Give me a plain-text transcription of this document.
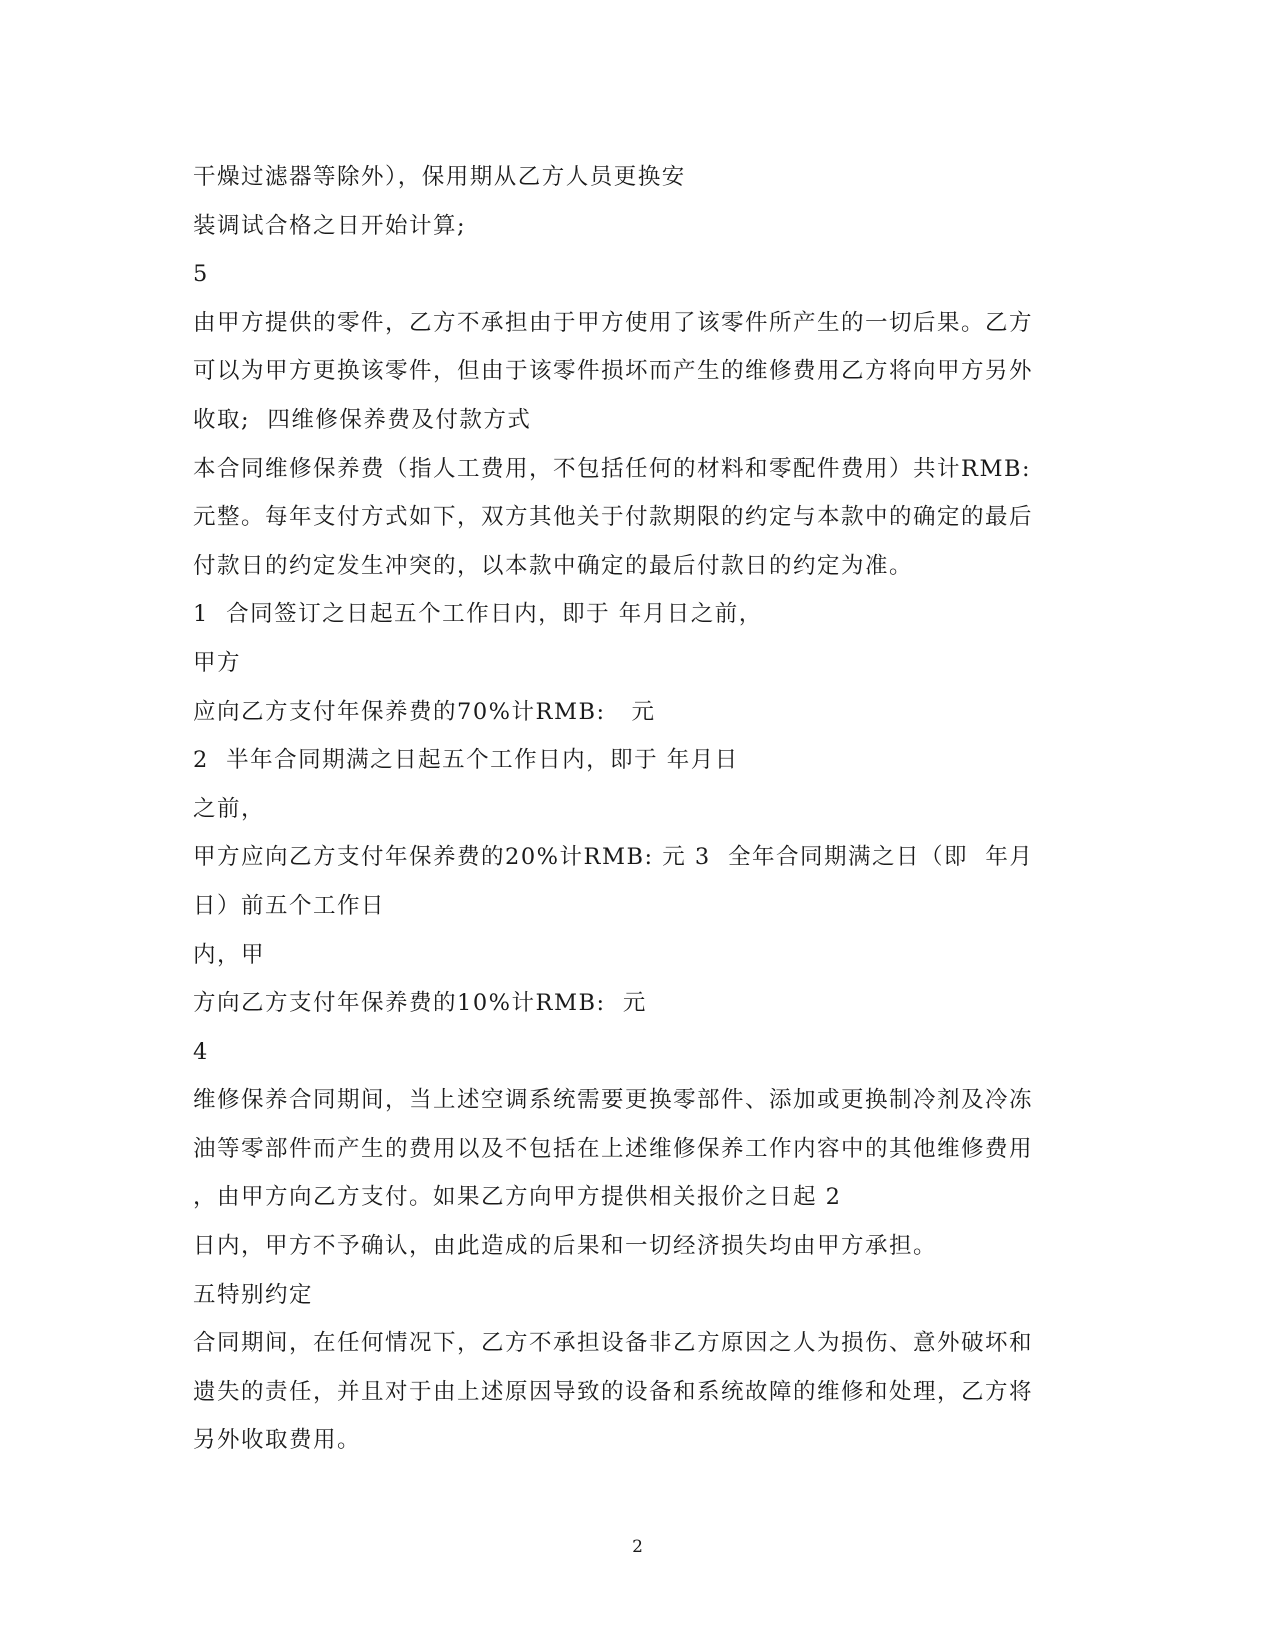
干燥过滤器等除外），保用期从乙方人员更换安
装调试合格之日开始计算;
5
由甲方提供的零件，乙方不承担由于甲方使用了该零件所产生的一切后果。乙方
可以为甲方更换该零件，但由于该零件损坏而产生的维修费用乙方将向甲方另外
收取;  四维修保养费及付款方式
本合同维修保养费（指人工费用，不包括任何的材料和零配件费用）共计RMB:
元整。每年支付方式如下，双方其他关于付款期限的约定与本款中的确定的最后
付款日的约定发生冲突的，以本款中确定的最后付款日的约定为准。
1  合同签订之日起五个工作日内，即于 年月日之前，
甲方
应向乙方支付年保养费的70%计RMB:   元
2  半年合同期满之日起五个工作日内，即于 年月日
之前，
甲方应向乙方支付年保养费的20%计RMB: 元 3  全年合同期满之日（即  年月
日）前五个工作日
内，甲
方向乙方支付年保养费的10%计RMB:  元
4
维修保养合同期间，当上述空调系统需要更换零部件、添加或更换制冷剂及冷冻
油等零部件而产生的费用以及不包括在上述维修保养工作内容中的其他维修费用
，由甲方向乙方支付。如果乙方向甲方提供相关报价之日起 2
日内，甲方不予确认，由此造成的后果和一切经济损失均由甲方承担。
五特别约定
合同期间，在任何情况下，乙方不承担设备非乙方原因之人为损伤、意外破坏和
遗失的责任，并且对于由上述原因导致的设备和系统故障的维修和处理，乙方将
另外收取费用。
2
